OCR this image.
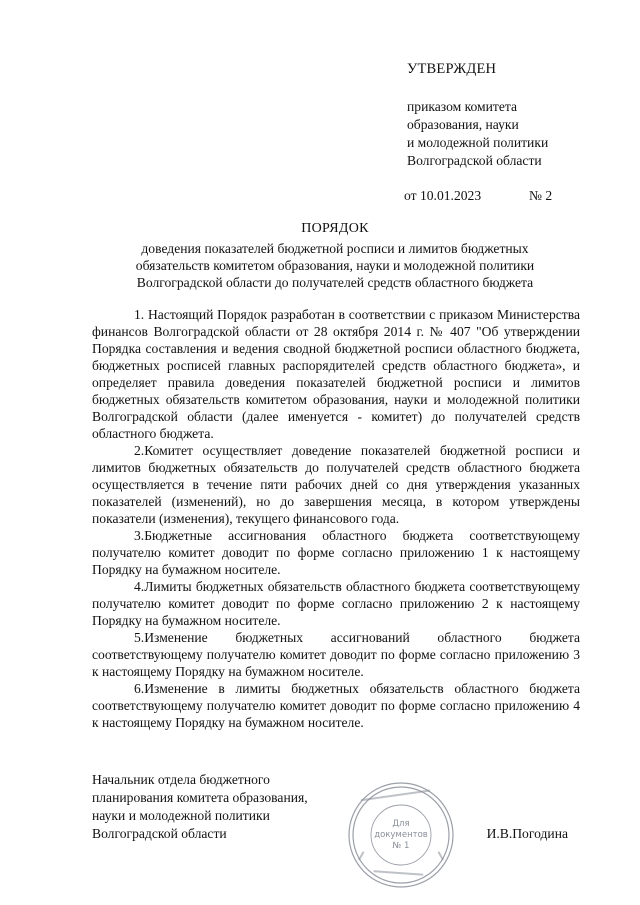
УТВЕРЖДЕН
приказом комитета
образования, науки
и молодежной политики
Волгоградской области
от 10.01.2023	№ 2
ПОРЯДОК
доведения показателей бюджетной росписи и лимитов бюджетных
обязательств комитетом образования, науки и молодежной политики
Волгоградской области до получателей средств областного бюджета

1. Настоящий Порядок разработан в соответствии с приказом Министерства финансов Волгоградской области от 28 октября 2014 г. № 407 "Об утверждении Порядка составления и ведения сводной бюджетной росписи областного бюджета, бюджетных росписей главных распорядителей средств областного бюджета», и определяет правила доведения показателей бюджетной росписи и лимитов бюджетных обязательств комитетом образования, науки и молодежной политики Волгоградской области (далее именуется - комитет) до получателей средств областного бюджета.

2.Комитет осуществляет доведение показателей бюджетной росписи и лимитов бюджетных обязательств до получателей средств областного бюджета осуществляется в течение пяти рабочих дней со дня утверждения указанных показателей (изменений), но до завершения месяца, в котором утверждены показатели (изменения), текущего финансового года.

3.Бюджетные ассигнования областного бюджета соответствующему получателю комитет доводит по форме согласно приложению 1 к настоящему Порядку на бумажном носителе.

4.Лимиты бюджетных обязательств областного бюджета соответствующему получателю комитет доводит по форме согласно приложению 2 к настоящему Порядку на бумажном носителе.

5.Изменение бюджетных ассигнований областного бюджета соответствующему получателю комитет доводит по форме согласно приложению 3 к настоящему Порядку на бумажном носителе.

6.Изменение в лимиты бюджетных обязательств областного бюджета соответствующему получателю комитет доводит по форме согласно приложению 4 к настоящему Порядку на бумажном носителе.

Для
документов
№ 1
Начальник отдела бюджетного
планирования комитета образования,
науки и молодежной политики
Волгоградской области	И.В.Погодина
